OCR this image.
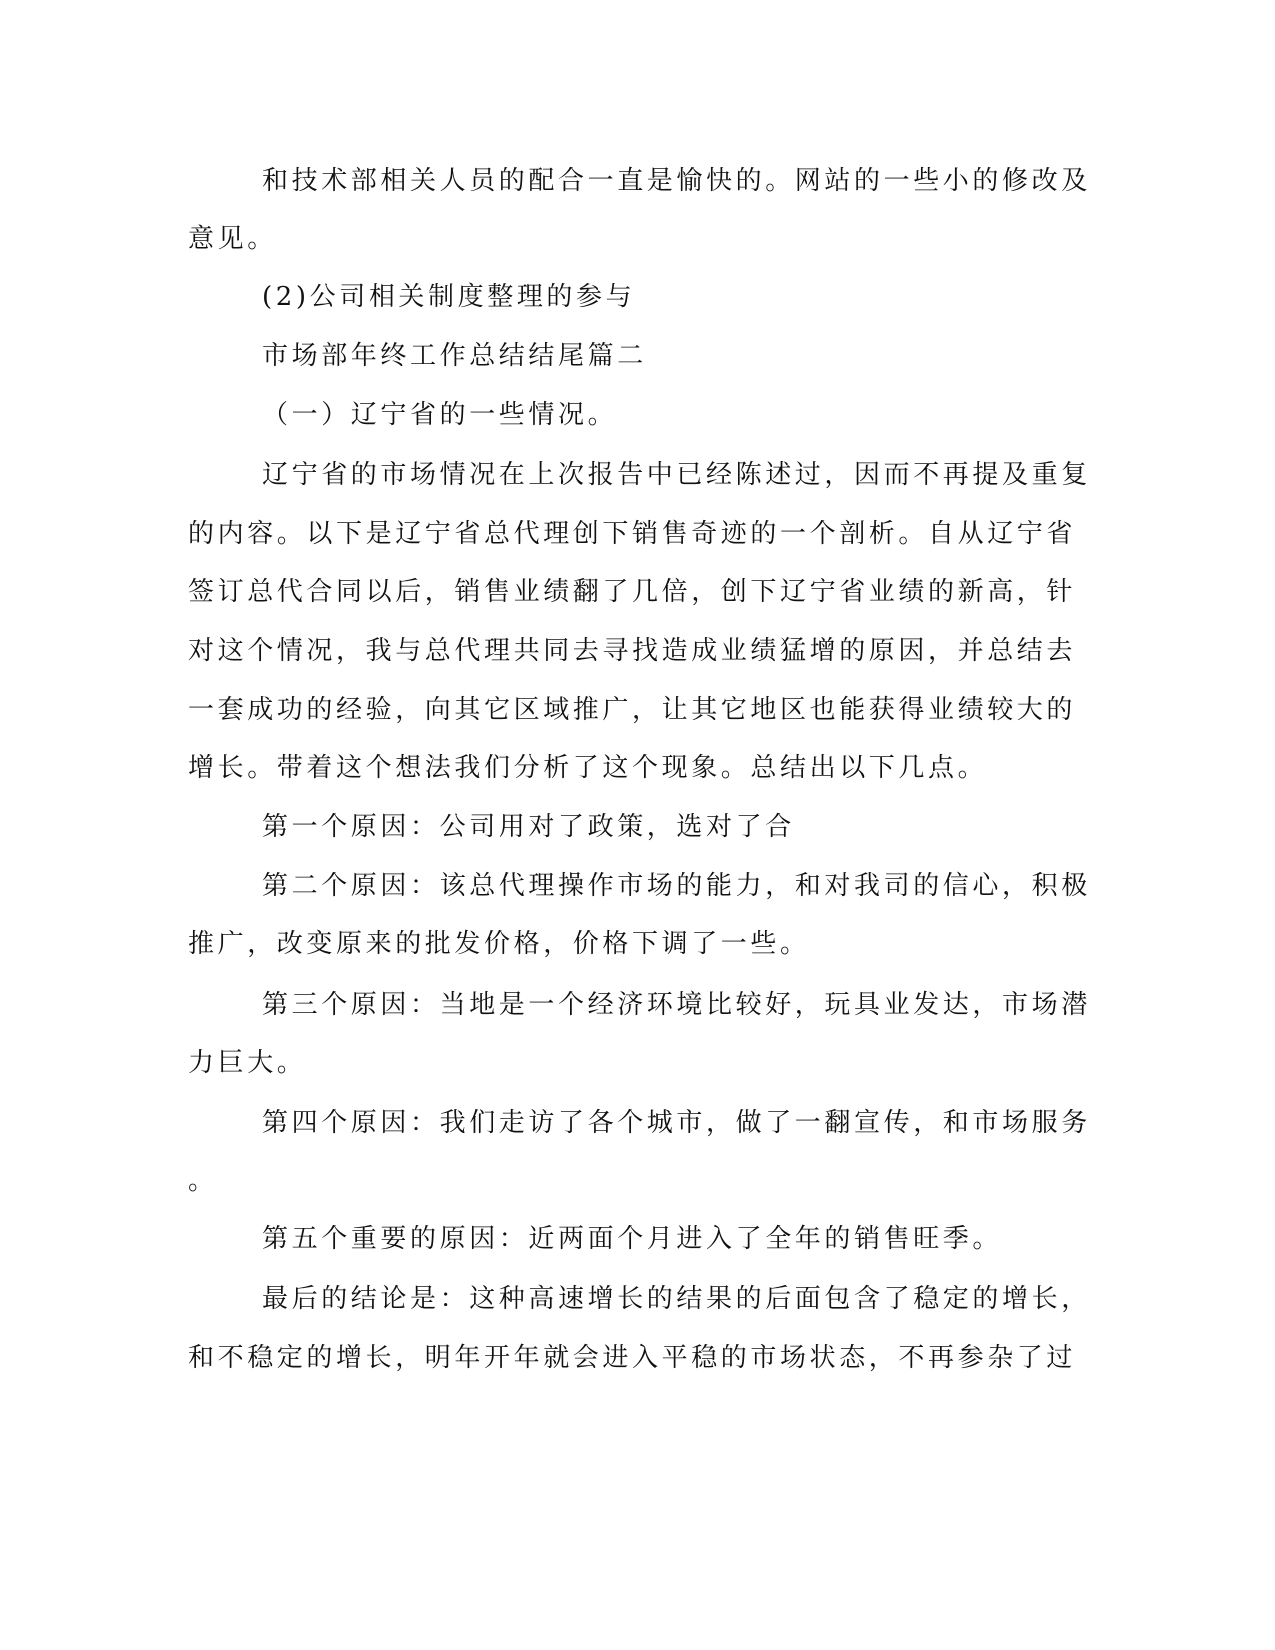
和技术部相关人员的配合一直是愉快的。网站的一些小的修改及
意见。
(2)公司相关制度整理的参与
市场部年终工作总结结尾篇二
（一）辽宁省的一些情况。
辽宁省的市场情况在上次报告中已经陈述过，因而不再提及重复
的内容。以下是辽宁省总代理创下销售奇迹的一个剖析。自从辽宁省
签订总代合同以后，销售业绩翻了几倍，创下辽宁省业绩的新高，针
对这个情况，我与总代理共同去寻找造成业绩猛增的原因，并总结去
一套成功的经验，向其它区域推广，让其它地区也能获得业绩较大的
增长。带着这个想法我们分析了这个现象。总结出以下几点。
第一个原因：公司用对了政策，选对了合
第二个原因：该总代理操作市场的能力，和对我司的信心，积极
推广，改变原来的批发价格，价格下调了一些。
第三个原因：当地是一个经济环境比较好，玩具业发达，市场潜
力巨大。
第四个原因：我们走访了各个城市，做了一翻宣传，和市场服务
。
第五个重要的原因：近两面个月进入了全年的销售旺季。
最后的结论是：这种高速增长的结果的后面包含了稳定的增长，
和不稳定的增长，明年开年就会进入平稳的市场状态，不再参杂了过
